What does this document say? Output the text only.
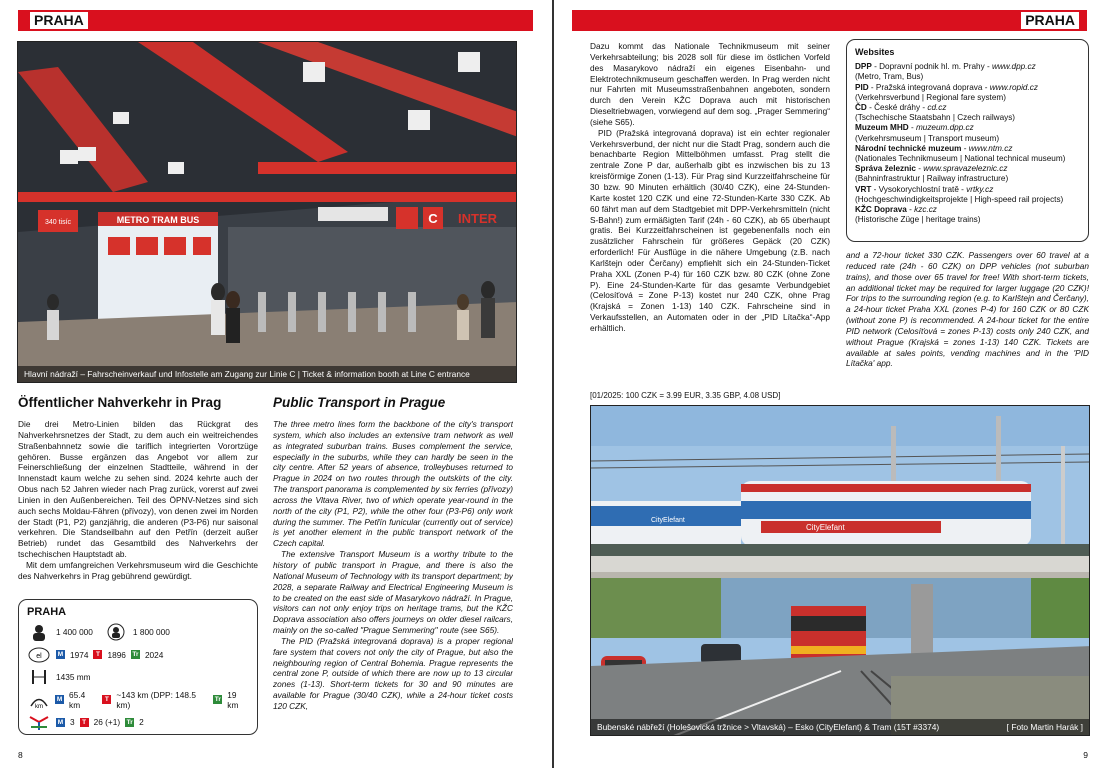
PRAHA
METRO TRAM BUS
340 tisíc	C INTER
Hlavní nádraží – Fahrscheinverkauf und Infostelle am Zugang zur Linie C | Ticket & information booth at Line C entrance
Öffentlicher Nahverkehr in Prag	Public Transport in Prague

Die drei Metro-Linien bilden das Rückgrat des Nahverkehrsnetzes der Stadt, zu dem auch ein weitreichendes Straßenbahnnetz sowie die tariflich integrierten Vorortzüge gehören. Busse ergänzen das Angebot vor allem zur Feinerschließung der einzelnen Stadtteile, während in der Innenstadt kaum welche zu sehen sind. 2024 kehrte auch der Obus nach 52 Jahren wieder nach Prag zurück, vorerst auf zwei Linien in den Außenbereichen. Teil des ÖPNV-Netzes sind sich auch sechs Moldau-Fähren (přívozy), von denen zwei im Norden der Stadt (P1, P2) ganzjährig, die anderen (P3-P6) nur saisonal verkehren. Die Standseilbahn auf den Petřín (derzeit außer Betrieb) rundet das Gesamtbild des Nahverkehrs der tschechischen Hauptstadt ab.

Mit dem umfangreichen Verkehrsmuseum wird die Geschichte des Nahverkehrs in Prag gebührend gewürdigt.

The three metro lines form the backbone of the city's transport system, which also includes an extensive tram network as well as integrated suburban trains. Buses complement the service, especially in the suburbs, while they can hardly be seen in the city centre. After 52 years of absence, trolleybuses returned to Prague in 2024 on two routes through the outskirts of the city. The transport panorama is complemented by six ferries (přívozy) across the Vltava River, two of which operate year-round in the north of the city (P1, P2), while the other four (P3-P6) only work during the summer. The Petřín funicular (currently out of service) is yet another element in the public transport network of the Czech capital.

The extensive Transport Museum is a worthy tribute to the history of public transport in Prague, and there is also the National Museum of Technology with its transport department; by 2028, a separate Railway and Electrical Engineering Museum is to be created on the east side of Masarykovo nádraží. In Prague, visitors can not only enjoy trips on heritage trams, but the KŽC Doprava association also offers journeys on older diesel railcars, mainly on the so-called "Prague Semmering" route (see S65).

The PID (Pražská integrovaná doprava) is a proper regional fare system that covers not only the city of Prague, but also the neighbouring region of Central Bohemia. Prague represents the central zone P, outside of which there are now up to 13 circular zones (1-13). Short-term tickets for 30 and 90 minutes are available for Prague (30/40 CZK), while a 24-hour ticket costs 120 CZK,

PRAHA
1 400 000	1 800 000
el M 1974	T 1896 Tr 2024
1435 mm
km
M 65.4 km	T ~143 km (DPP: 148.5 km)	Tr 19 km
M 3	T 26 (+1) Tr 2
8
PRAHA

Dazu kommt das Nationale Technikmuseum mit seiner Verkehrsabteilung; bis 2028 soll für diese im östlichen Vorfeld des Masarykovo nádraží ein eigenes Eisenbahn- und Elektrotechnikmuseum geschaffen werden. In Prag werden nicht nur Fahrten mit Museumsstraßenbahnen angeboten, sondern durch den Verein KŽC Doprava auch mit historischen Dieseltriebwagen, vorwiegend auf dem sog. „Prager Semmering“ (siehe S65).

PID (Pražská integrovaná doprava) ist ein echter regionaler Verkehrsverbund, der nicht nur die Stadt Prag, sondern auch die benachbarte Region Mittelböhmen umfasst. Prag stellt die zentrale Zone P dar, außerhalb gibt es inzwischen bis zu 13 kreisförmige Zonen (1-13). Für Prag sind Kurzzeitfahrscheine für 30 bzw. 90 Minuten erhältlich (30/40 CZK), eine 24-Stunden-Karte kostet 120 CZK und eine 72-Stunden-Karte 330 CZK. Ab 60 fährt man auf dem Stadtgebiet mit DPP-Verkehrsmitteln (nicht S-Bahn!) zum ermäßigten Tarif (24h - 60 CZK), ab 65 überhaupt gratis. Bei Kurzzeitfahrscheinen ist gegebenenfalls noch ein zusätzlicher Fahrschein für größeres Gepäck (20 CZK) erforderlich! Für Ausflüge in die nähere Umgebung (z.B. nach Karlštejn oder Čerčany) empfiehlt sich ein 24-Stunden-Ticket Praha XXL (Zonen P-4) für 160 CZK bzw. 80 CZK (ohne Zone P). Eine 24-Stunden-Karte für das gesamte Verbundgebiet (Celosíťová = Zone P-13) kostet nur 240 CZK, ohne Prag (Krajská = Zonen 1-13) 140 CZK. Fahrscheine sind in Verkaufsstellen, an Automaten oder in der „PID Lítačka“-App erhältlich.

Websites
DPP - Dopravní podnik hl. m. Prahy - www.dpp.cz
(Metro, Tram, Bus)
PID - Pražská integrovaná doprava - www.ropid.cz
(Verkehrsverbund | Regional fare system)
ČD - České dráhy - cd.cz
(Tschechische Staatsbahn | Czech railways)
Muzeum MHD - muzeum.dpp.cz
(Verkehrsmuseum | Transport museum)
Národní technické muzeum - www.ntm.cz
(Nationales Technikmuseum | National technical museum)
Správa železnic - www.spravazeleznic.cz
(Bahninfrastruktur | Railway infrastructure)
VRT - Vysokorychlostní tratě - vrtky.cz
(Hochgeschwindigkeitsprojekte | High-speed rail projects)
KŽC Doprava - kzc.cz
(Historische Züge | heritage trains)

and a 72-hour ticket 330 CZK. Passengers over 60 travel at a reduced rate (24h - 60 CZK) on DPP vehicles (not suburban trains), and those over 65 travel for free! With short-term tickets, an additional ticket may be required for larger luggage (20 CZK)! For trips to the surrounding region (e.g. to Karlštejn and Čerčany), a 24-hour ticket Praha XXL (zones P-4) for 160 CZK or 80 CZK (without zone P) is recommended. A 24-hour ticket for the entire PID network (Celosíťová = zones P-13) costs only 240 CZK, and without Prague (Krajská = zones 1-13) 140 CZK. Tickets are available at sales points, vending machines and in the 'PID Lítačka' app.

[01/2025: 100 CZK = 3.99 EUR, 3.35 GBP, 4.08 USD]
CityElefant
CityElefant
Bubenské nábřeží (Holešovická tržnice > Vltavská) – Esko (CityElefant) & Tram (15T #3374)	[ Foto Martin Harák ]
9
